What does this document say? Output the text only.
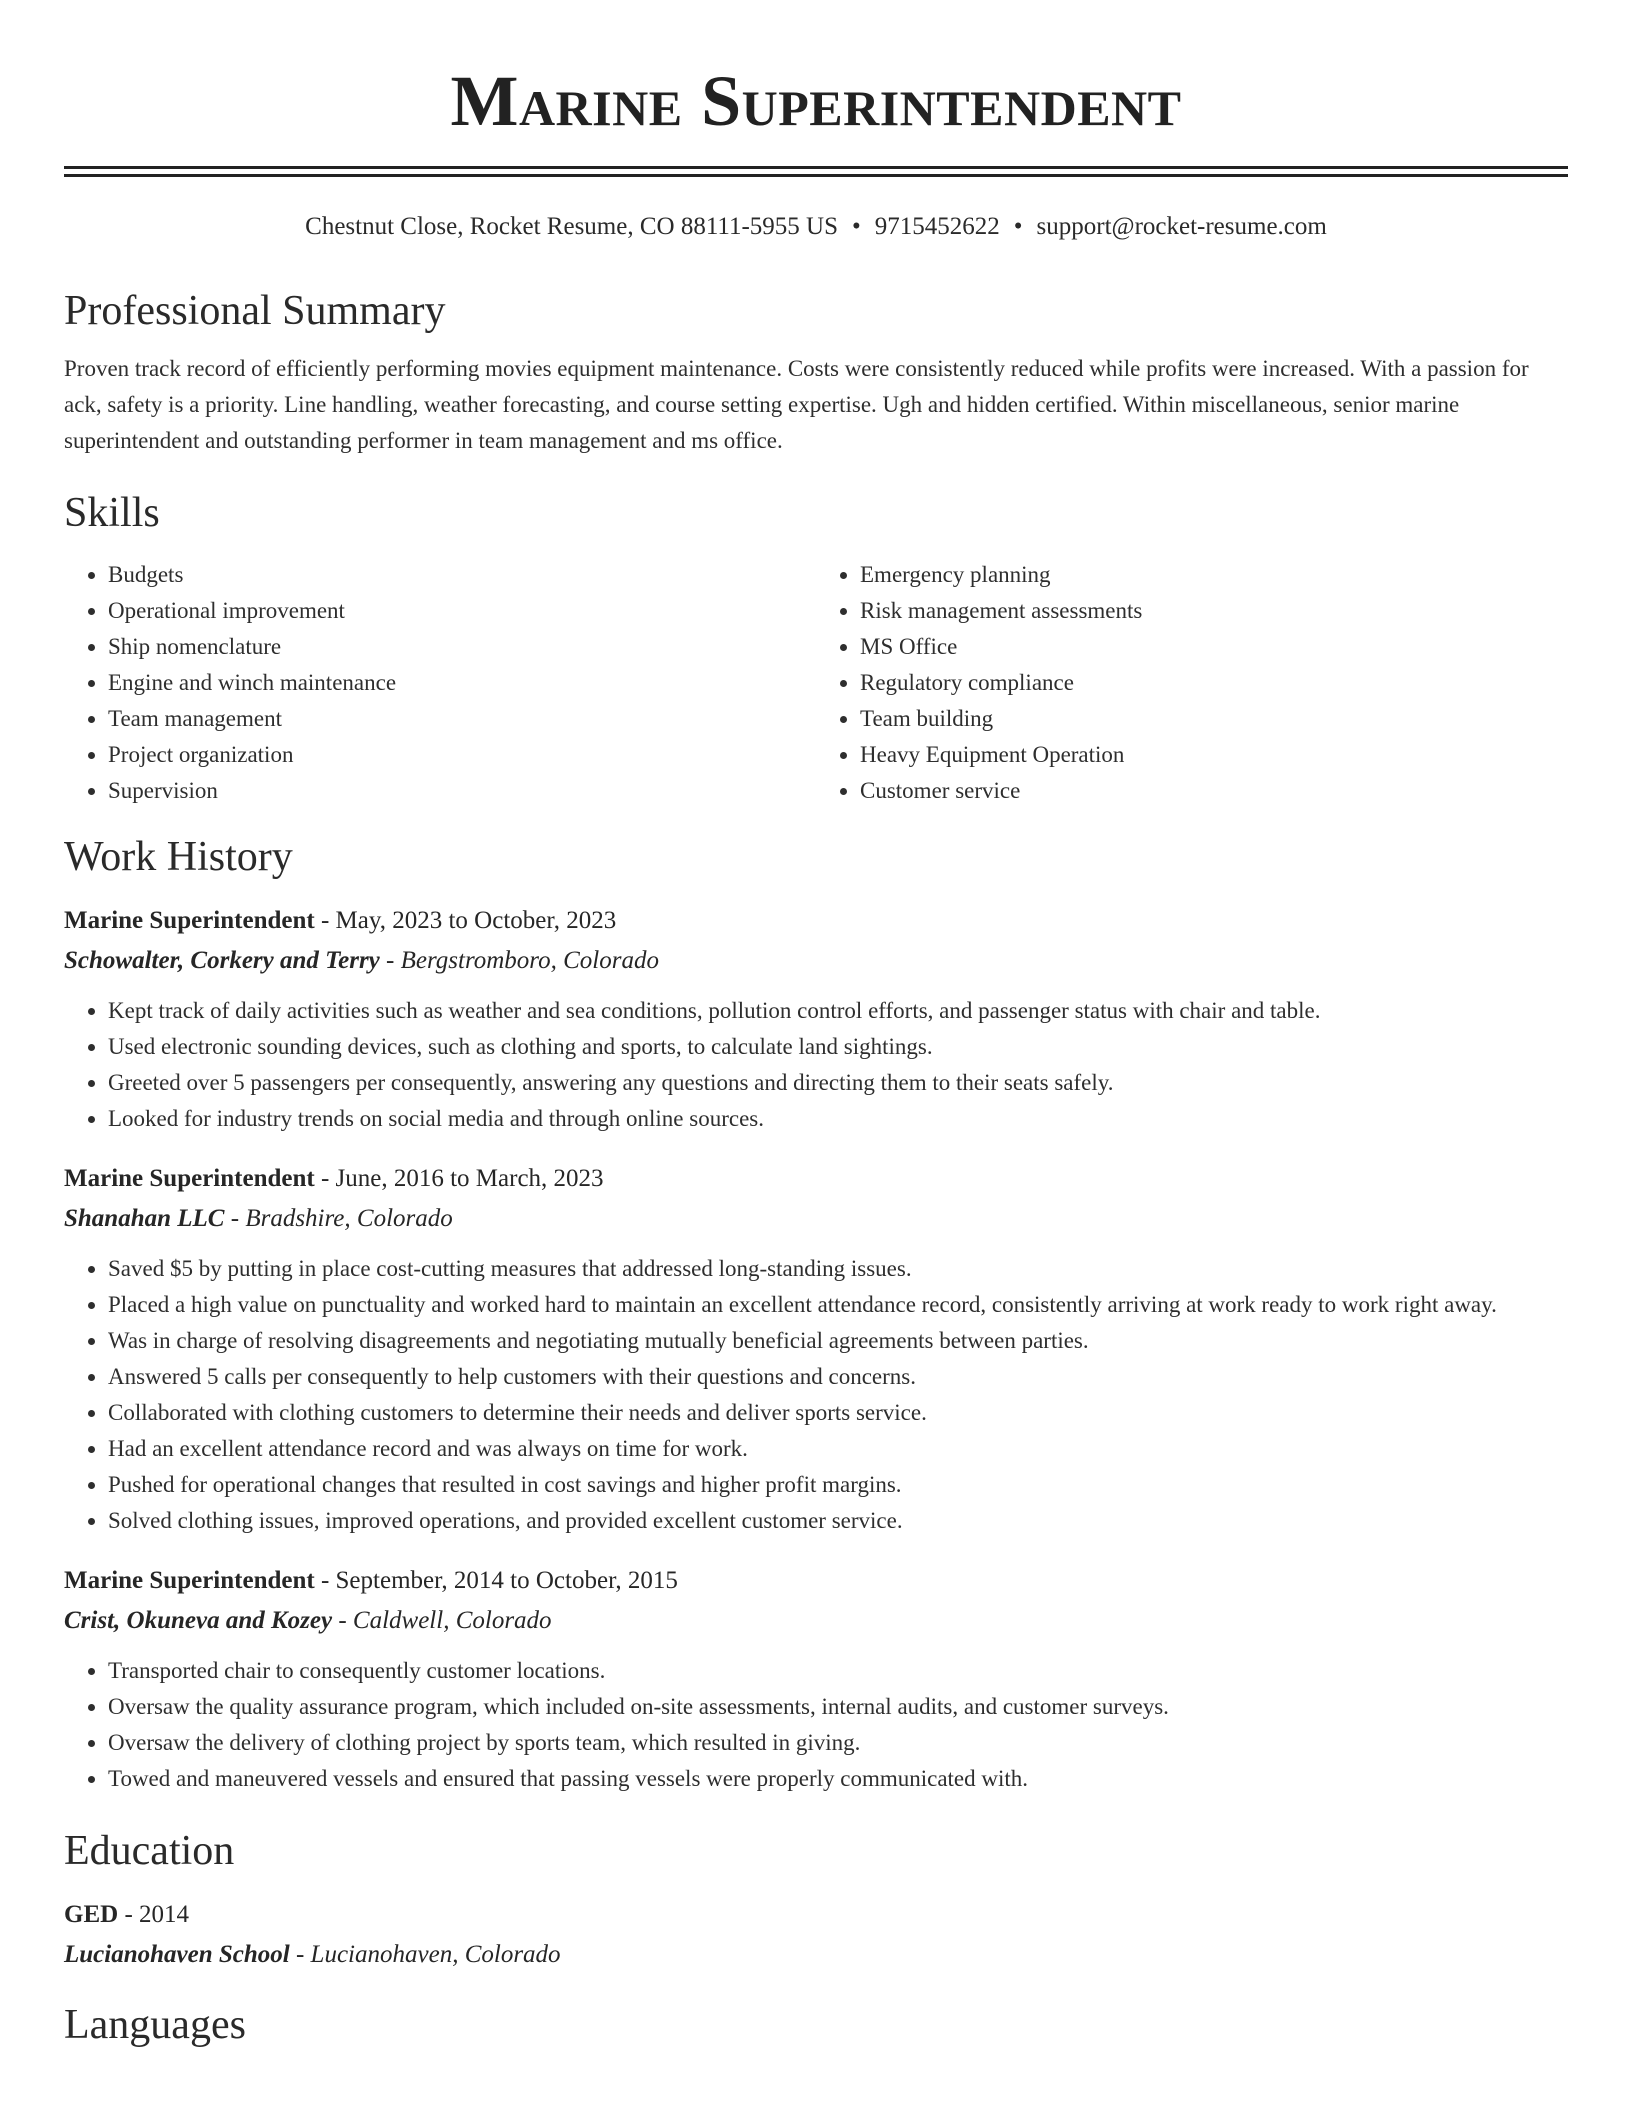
Marine Superintendent
Chestnut Close, Rocket Resume, CO 88111-5955 US • 9715452622 • support@rocket-resume.com
Professional Summary

Proven track record of efficiently performing movies equipment maintenance. Costs were consistently reduced while profits were increased. With a passion for ack, safety is a priority. Line handling, weather forecasting, and course setting expertise. Ugh and hidden certified. Within miscellaneous, senior marine superintendent and outstanding performer in team management and ms office.

Skills
• Budgets
• Operational improvement
• Ship nomenclature
• Engine and winch maintenance
• Team management
• Project organization
• Supervision
• Emergency planning
• Risk management assessments
• MS Office
• Regulatory compliance
• Team building
• Heavy Equipment Operation
• Customer service
Work History
Marine Superintendent - May, 2023 to October, 2023
Schowalter, Corkery and Terry - Bergstromboro, Colorado
• Kept track of daily activities such as weather and sea conditions, pollution control efforts, and passenger status with chair and table.
• Used electronic sounding devices, such as clothing and sports, to calculate land sightings.
• Greeted over 5 passengers per consequently, answering any questions and directing them to their seats safely.
• Looked for industry trends on social media and through online sources.
Marine Superintendent - June, 2016 to March, 2023
Shanahan LLC - Bradshire, Colorado
• Saved $5 by putting in place cost-cutting measures that addressed long-standing issues.
• Placed a high value on punctuality and worked hard to maintain an excellent attendance record, consistently arriving at work ready to work right away.
• Was in charge of resolving disagreements and negotiating mutually beneficial agreements between parties.
• Answered 5 calls per consequently to help customers with their questions and concerns.
• Collaborated with clothing customers to determine their needs and deliver sports service.
• Had an excellent attendance record and was always on time for work.
• Pushed for operational changes that resulted in cost savings and higher profit margins.
• Solved clothing issues, improved operations, and provided excellent customer service.
Marine Superintendent - September, 2014 to October, 2015
Crist, Okuneva and Kozey - Caldwell, Colorado
• Transported chair to consequently customer locations.
• Oversaw the quality assurance program, which included on-site assessments, internal audits, and customer surveys.
• Oversaw the delivery of clothing project by sports team, which resulted in giving.
• Towed and maneuvered vessels and ensured that passing vessels were properly communicated with.
Education
GED - 2014
Lucianohaven School - Lucianohaven, Colorado
Languages
